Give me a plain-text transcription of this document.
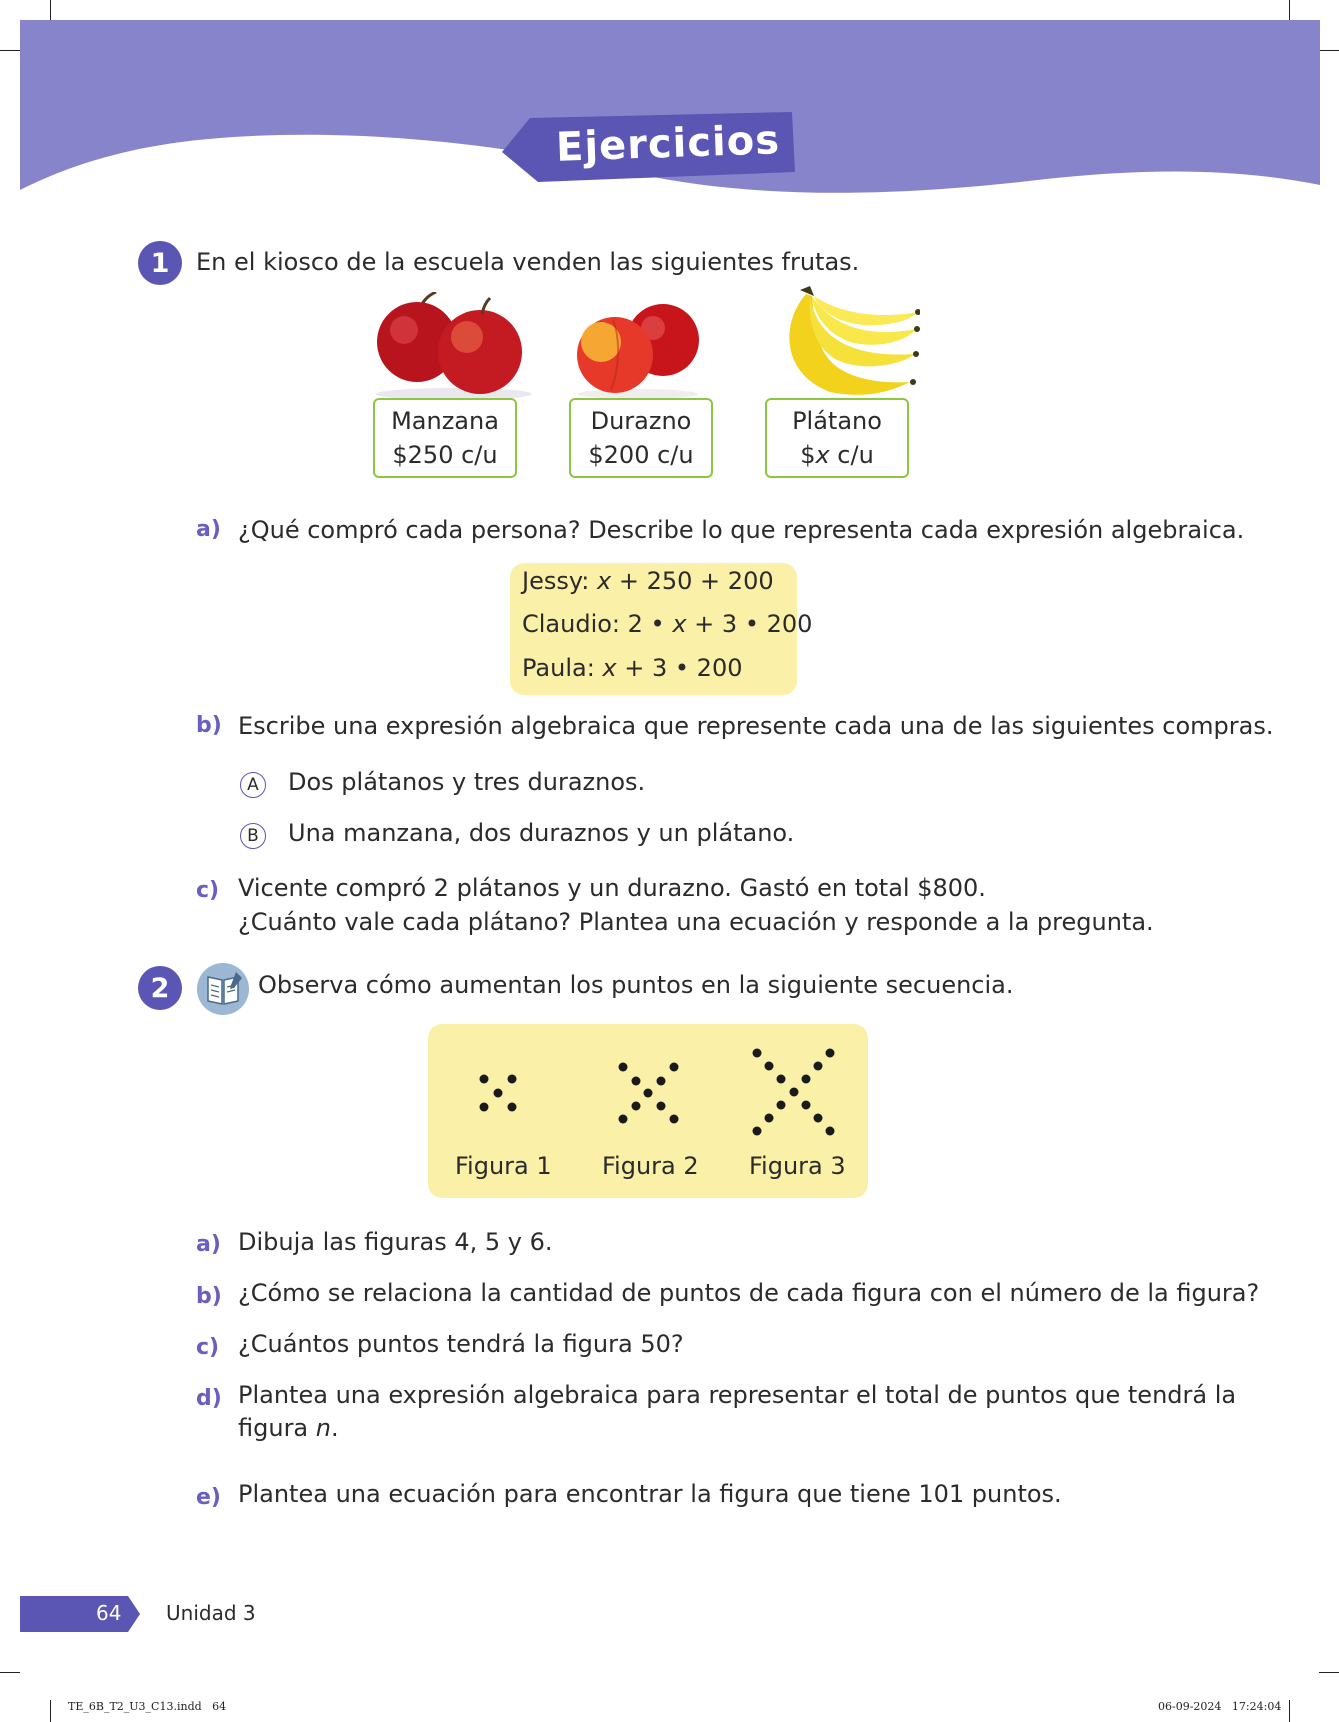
Ejercicios
1	En el kiosco de la escuela venden las siguientes frutas.
Manzana
$250 c/u
Durazno
$200 c/u
Plátano
$x c/u
a) ¿Qué compró cada persona? Describe lo que representa cada expresión algebraica.
Jessy: x + 250 + 200
Claudio: 2 • x + 3 • 200
Paula: x + 3 • 200
b) Escribe una expresión algebraica que represente cada una de las siguientes compras.
A Dos plátanos y tres duraznos.
B Una manzana, dos duraznos y un plátano.
c) Vicente compró 2 plátanos y un durazno. Gastó en total $800.
¿Cuánto vale cada plátano? Plantea una ecuación y responde a la pregunta.
2	Observa cómo aumentan los puntos en la siguiente secuencia.
Figura 1 Figura 2 Figura 3
a) Dibuja las figuras 4, 5 y 6.
b) ¿Cómo se relaciona la cantidad de puntos de cada figura con el número de la figura?
c) ¿Cuántos puntos tendrá la figura 50?
d) Plantea una expresión algebraica para representar el total de puntos que tendrá la
figura n.
e) Plantea una ecuación para encontrar la figura que tiene 101 puntos.
64 Unidad 3
TE_6B_T2_U3_C13.indd   64	06-09-2024   17:24:04
